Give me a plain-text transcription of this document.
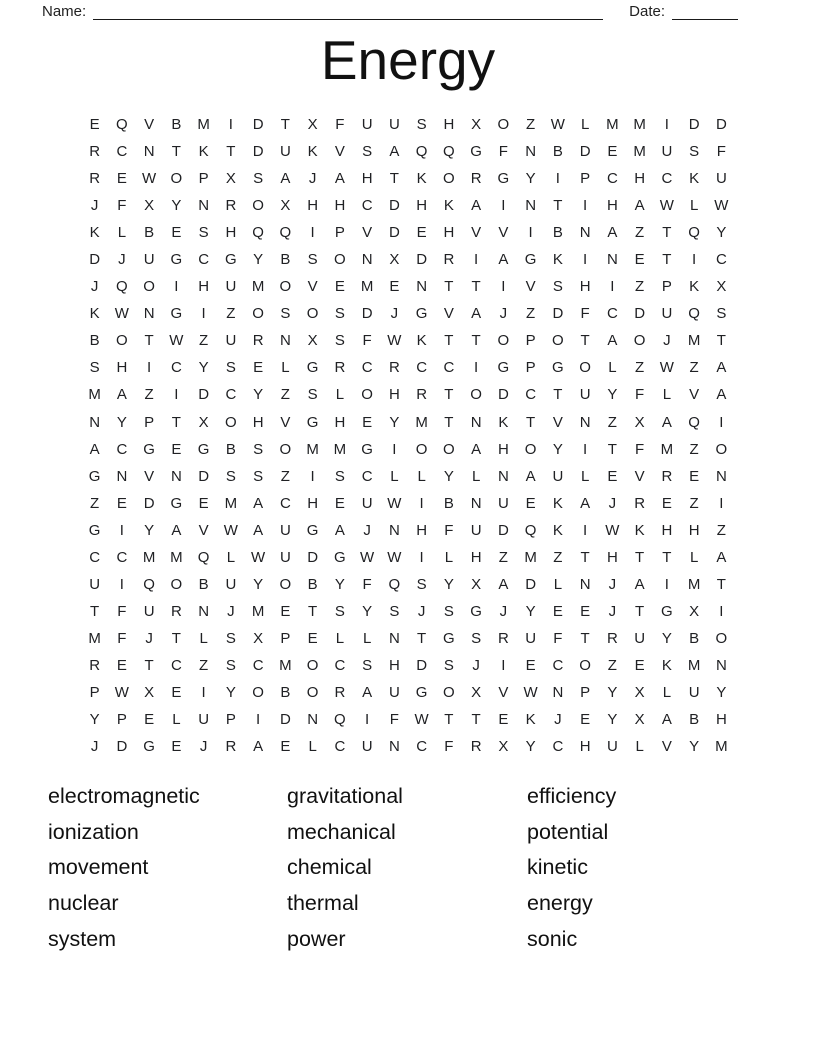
Name:	Date:
Energy
E	Q	V	B	M	I	D	T	X	F	U	U	S	H	X	O	Z	W	L	M M	I	D	D
R	C	N	T	K	T	D	U	K	V	S	A	Q	Q	G	F	N	B	D	E	M	U	S	F
R	E	W O	P	X	S	A	J	A	H	T	K	O	R	G	Y	I	P	C	H	C	K	U
J	F	X	Y	N	R	O	X	H	H	C	D	H	K	A	I	N	T	I	H	A	W	L	W
K	L	B	E	S	H	Q	Q	I	P	V	D	E	H	V	V	I	B	N	A	Z	T	Q	Y
D	J	U	G	C	G	Y	B	S	O	N	X	D	R	I	A	G	K	I	N	E	T	I	C
J	Q	O	I	H	U	M	O	V	E	M	E	N	T	T	I	V	S	H	I	Z	P	K	X
K	W N	G	I	Z	O	S	O	S	D	J	G	V	A	J	Z	D	F	C	D	U	Q	S
B	O	T	W	Z	U	R	N	X	S	F	W	K	T	T	O	P	O	T	A	O	J	M	T
S	H	I	C	Y	S	E	L	G	R	C	R	C	C	I	G	P	G	O	L	Z	W	Z	A
M	A	Z	I	D	C	Y	Z	S	L	O	H	R	T	O	D	C	T	U	Y	F	L	V	A
N	Y	P	T	X	O	H	V	G	H	E	Y	M	T	N	K	T	V	N	Z	X	A	Q	I
A	C	G	E	G	B	S	O	M M	G	I	O	O	A	H	O	Y	I	T	F	M	Z	O
G	N	V	N	D	S	S	Z	I	S	C	L	L	Y	L	N	A	U	L	E	V	R	E	N
Z	E	D	G	E	M	A	C	H	E	U W	I	B	N	U	E	K	A	J	R	E	Z	I
G	I	Y	A	V	W	A	U	G	A	J	N	H	F	U	D	Q	K	I	W	K	H	H	Z
C	C	M M	Q	L	W U	D	G W W	I	L	H	Z	M	Z	T	H	T	T	L	A
U	I	Q	O	B	U	Y	O	B	Y	F	Q	S	Y	X	A	D	L	N	J	A	I	M	T
T	F	U	R	N	J	M	E	T	S	Y	S	J	S	G	J	Y	E	E	J	T	G	X	I
M	F	J	T	L	S	X	P	E	L	L	N	T	G	S	R	U	F	T	R	U	Y	B	O
R	E	T	C	Z	S	C	M	O	C	S	H	D	S	J	I	E	C	O	Z	E	K	M	N
P	W	X	E	I	Y	O	B	O	R	A	U	G	O	X	V	W N	P	Y	X	L	U	Y
Y	P	E	L	U	P	I	D	N	Q	I	F	W	T	T	E	K	J	E	Y	X	A	B	H
J	D	G	E	J	R	A	E	L	C	U	N	C	F	R	X	Y	C	H	U	L	V	Y	M
electromagnetic
ionization
movement
nuclear
system
gravitational
mechanical
chemical
thermal
power
efficiency
potential
kinetic
energy
sonic
